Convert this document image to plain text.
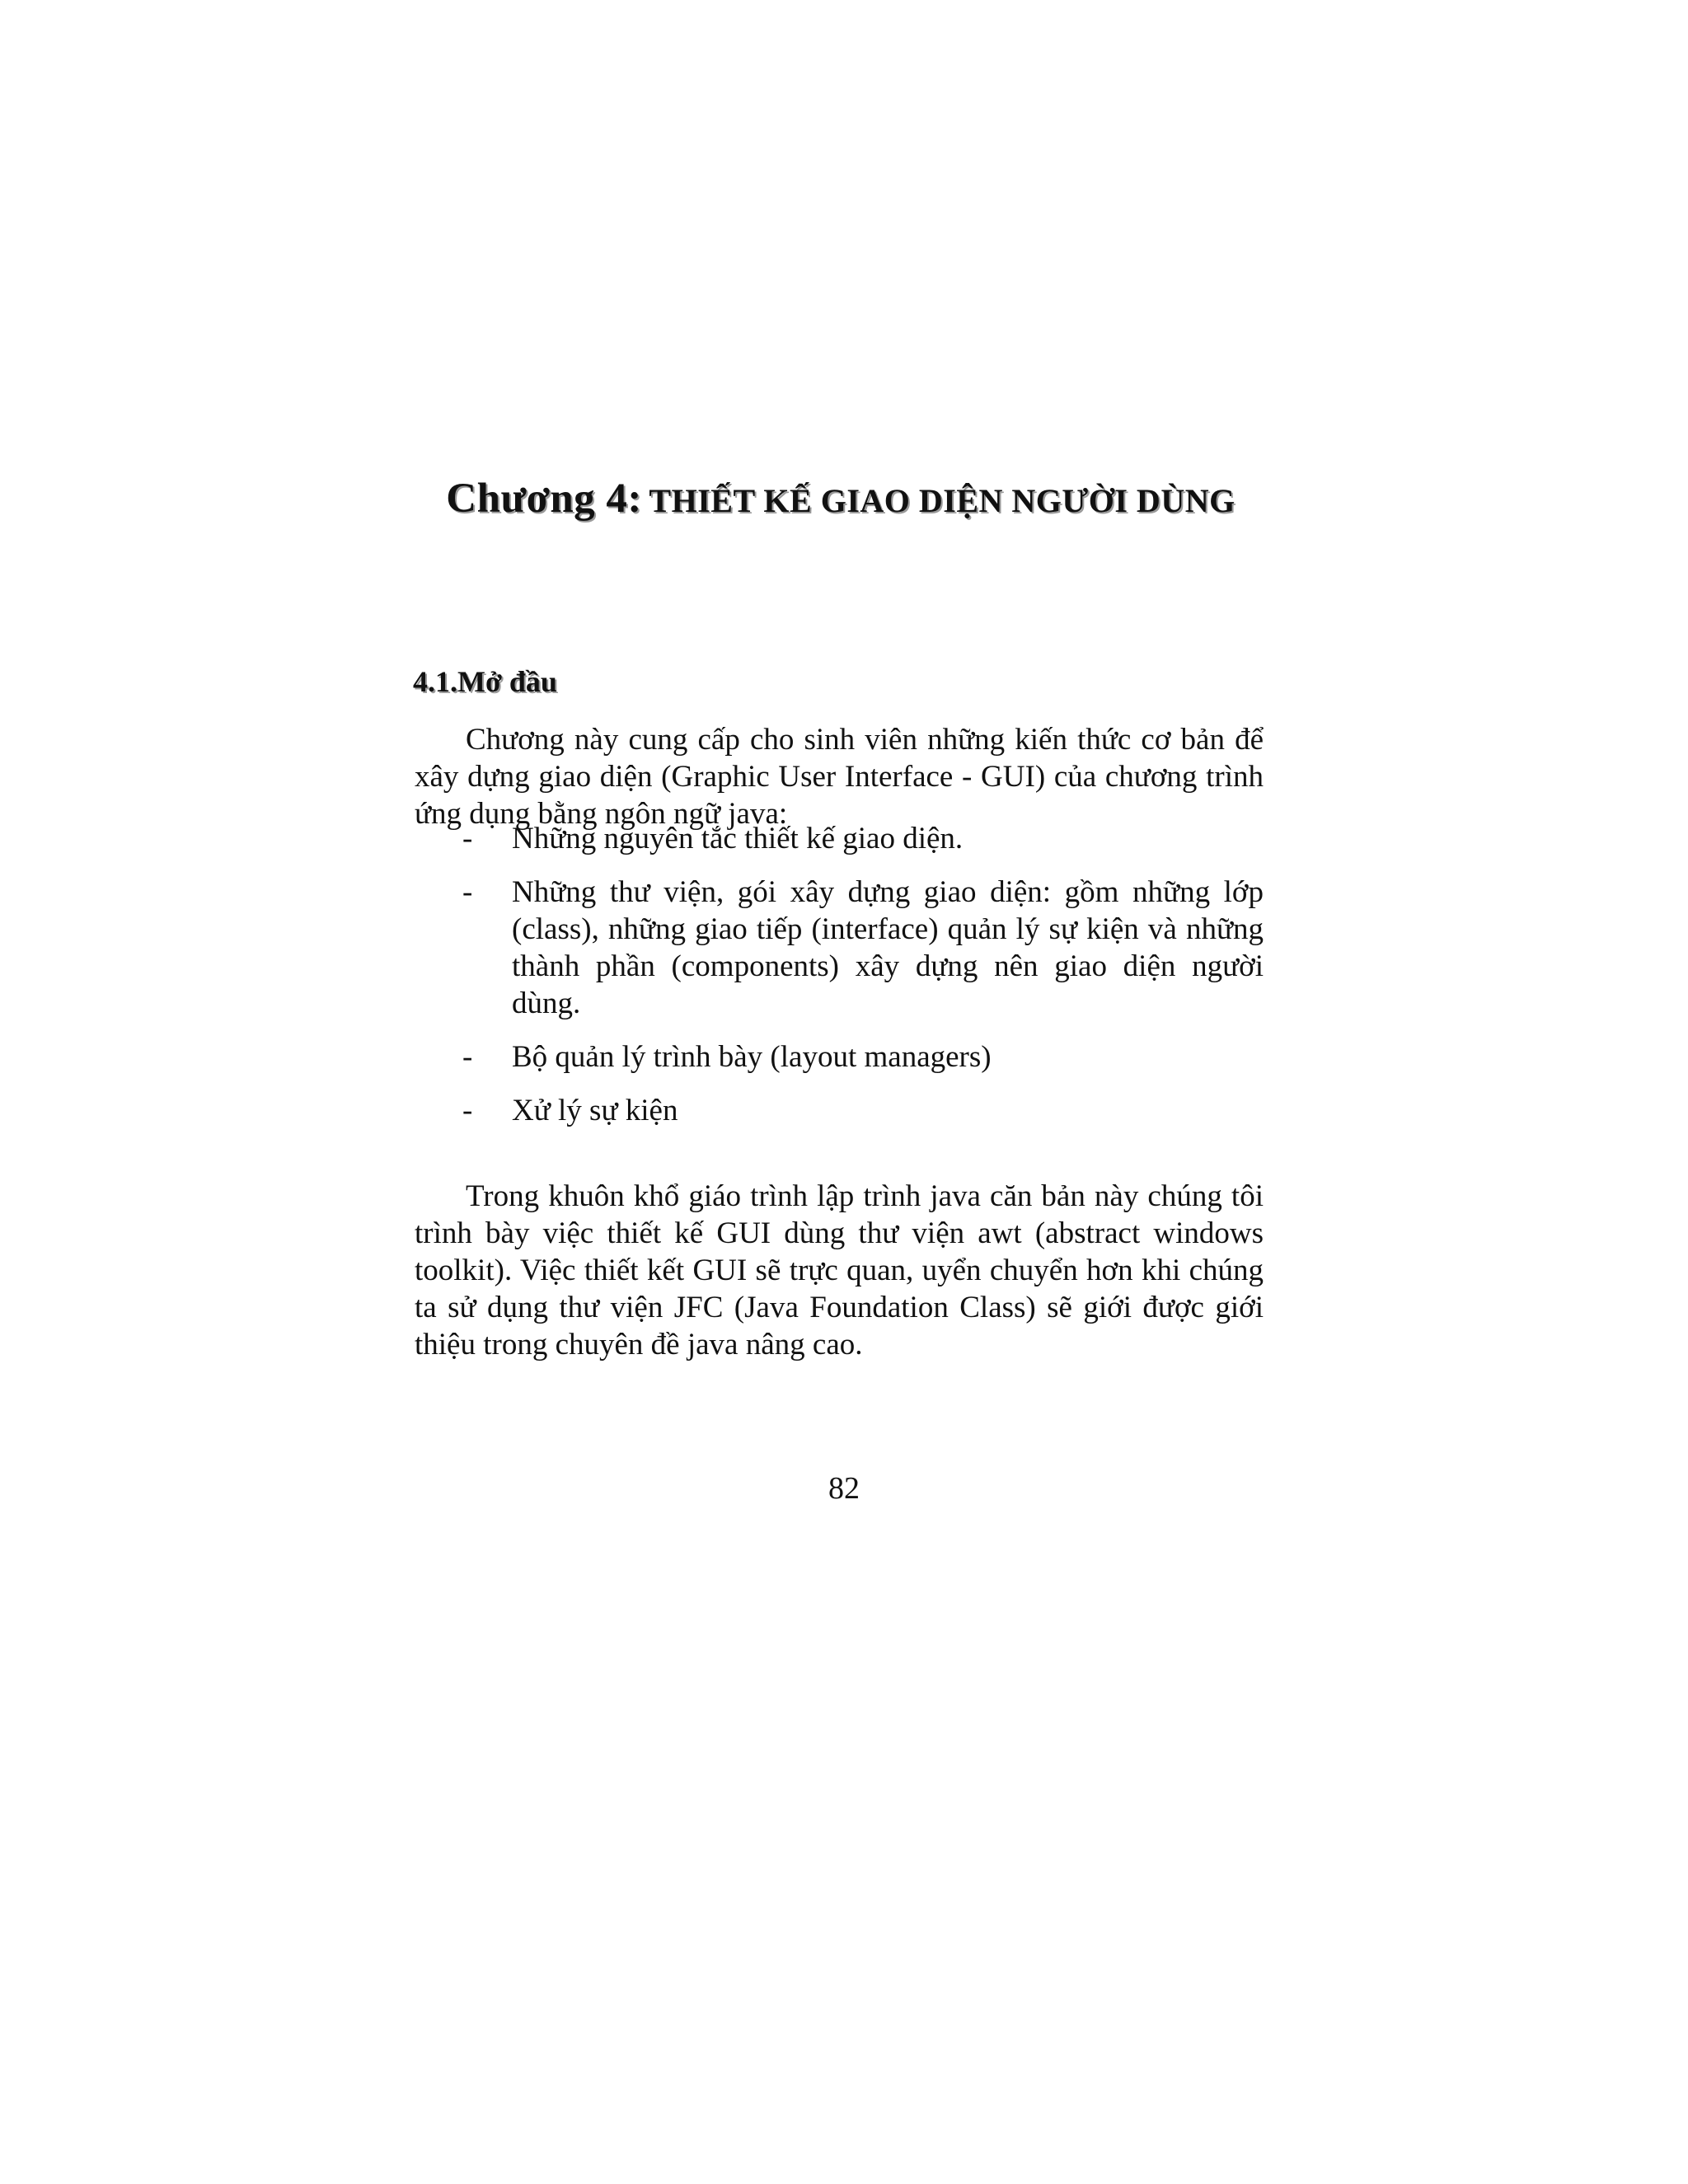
Chương 4: THIẾT KẾ GIAO DIỆN NGƯỜI DÙNG
4.1.Mở đầu

Chương này cung cấp cho sinh viên những kiến thức cơ bản để xây dựng giao diện (Graphic User Interface - GUI) của chương trình ứng dụng bằng ngôn ngữ java:

- Những nguyên tắc thiết kế giao diện.
- Những thư viện, gói xây dựng giao diện: gồm những lớp (class), những giao tiếp (interface) quản lý sự kiện và những thành phần (components) xây dựng nên giao diện người dùng.
- Bộ quản lý trình bày (layout managers)
- Xử lý sự kiện

Trong khuôn khổ giáo trình lập trình java căn bản này chúng tôi trình bày việc thiết kế GUI dùng thư viện awt (abstract windows toolkit). Việc thiết kết GUI sẽ trực quan, uyển chuyển hơn khi chúng ta sử dụng thư viện JFC (Java Foundation Class) sẽ giới được giới thiệu trong chuyên đề java nâng cao.

82
